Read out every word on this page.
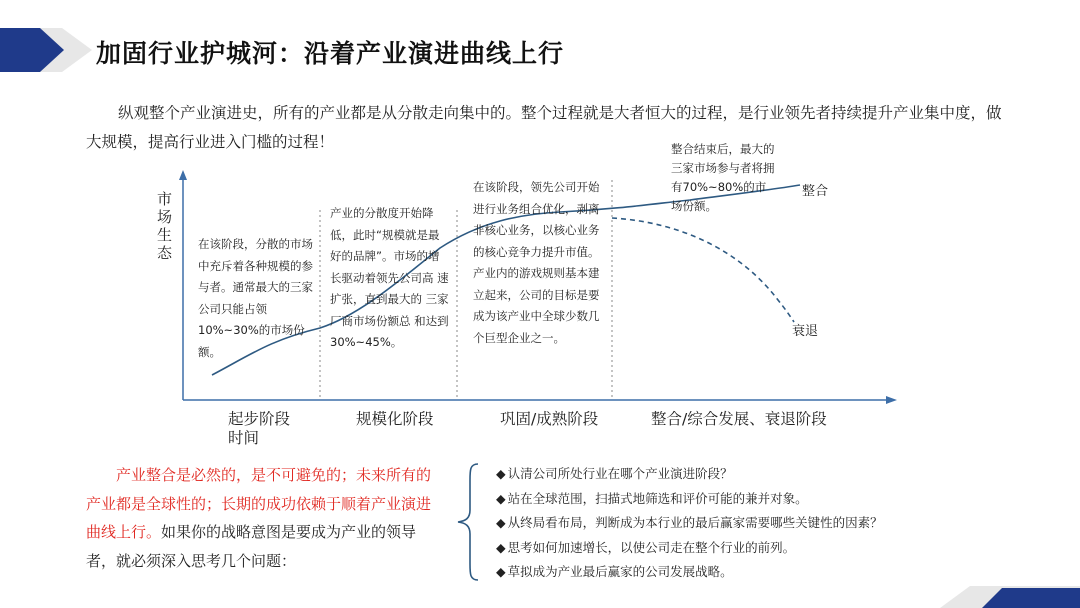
加固行业护城河：沿着产业演进曲线上行
纵观整个产业演进史，所有的产业都是从分散走向集中的。整个过程就是大者恒大的过程，是行业领先者持续提升产业集中度，做大规模，提高行业进入门槛的过程！
市场生态	在该阶段，分散的市场中充斥着各种规模的参与者。通常最大的三家公司只能占领10%~30%的市场份额。
产业的分散度开始降低，此时“规模就是最 好的品牌”。市场的增 长驱动着领先公司高 速扩张，直到最大的 三家厂商市场份额总 和达到30%~45%。
在该阶段，领先公司开始进行业务组合优化，剥离非核心业务，以核心业务的核心竞争力提升市值。产业内的游戏规则基本建立起来，公司的目标是要成为该产业中全球少数几个巨型企业之一。
整合结束后，最大的三家市场参与者将拥有70%~80%的市场份额。
整合
衰退
起步阶段
时间
规模化阶段	巩固/成熟阶段	整合/综合发展、衰退阶段
产业整合是必然的，是不可避免的；未来所有的产业都是全球性的；长期的成功依赖于顺着产业演进曲线上行。如果你的战略意图是要成为产业的领导者，就必须深入思考几个问题：
◆ 认清公司所处行业在哪个产业演进阶段？
◆ 站在全球范围，扫描式地筛选和评价可能的兼并对象。
◆ 从终局看布局，判断成为本行业的最后赢家需要哪些关键性的因素？
◆ 思考如何加速增长，以使公司走在整个行业的前列。
◆ 草拟成为产业最后赢家的公司发展战略。
